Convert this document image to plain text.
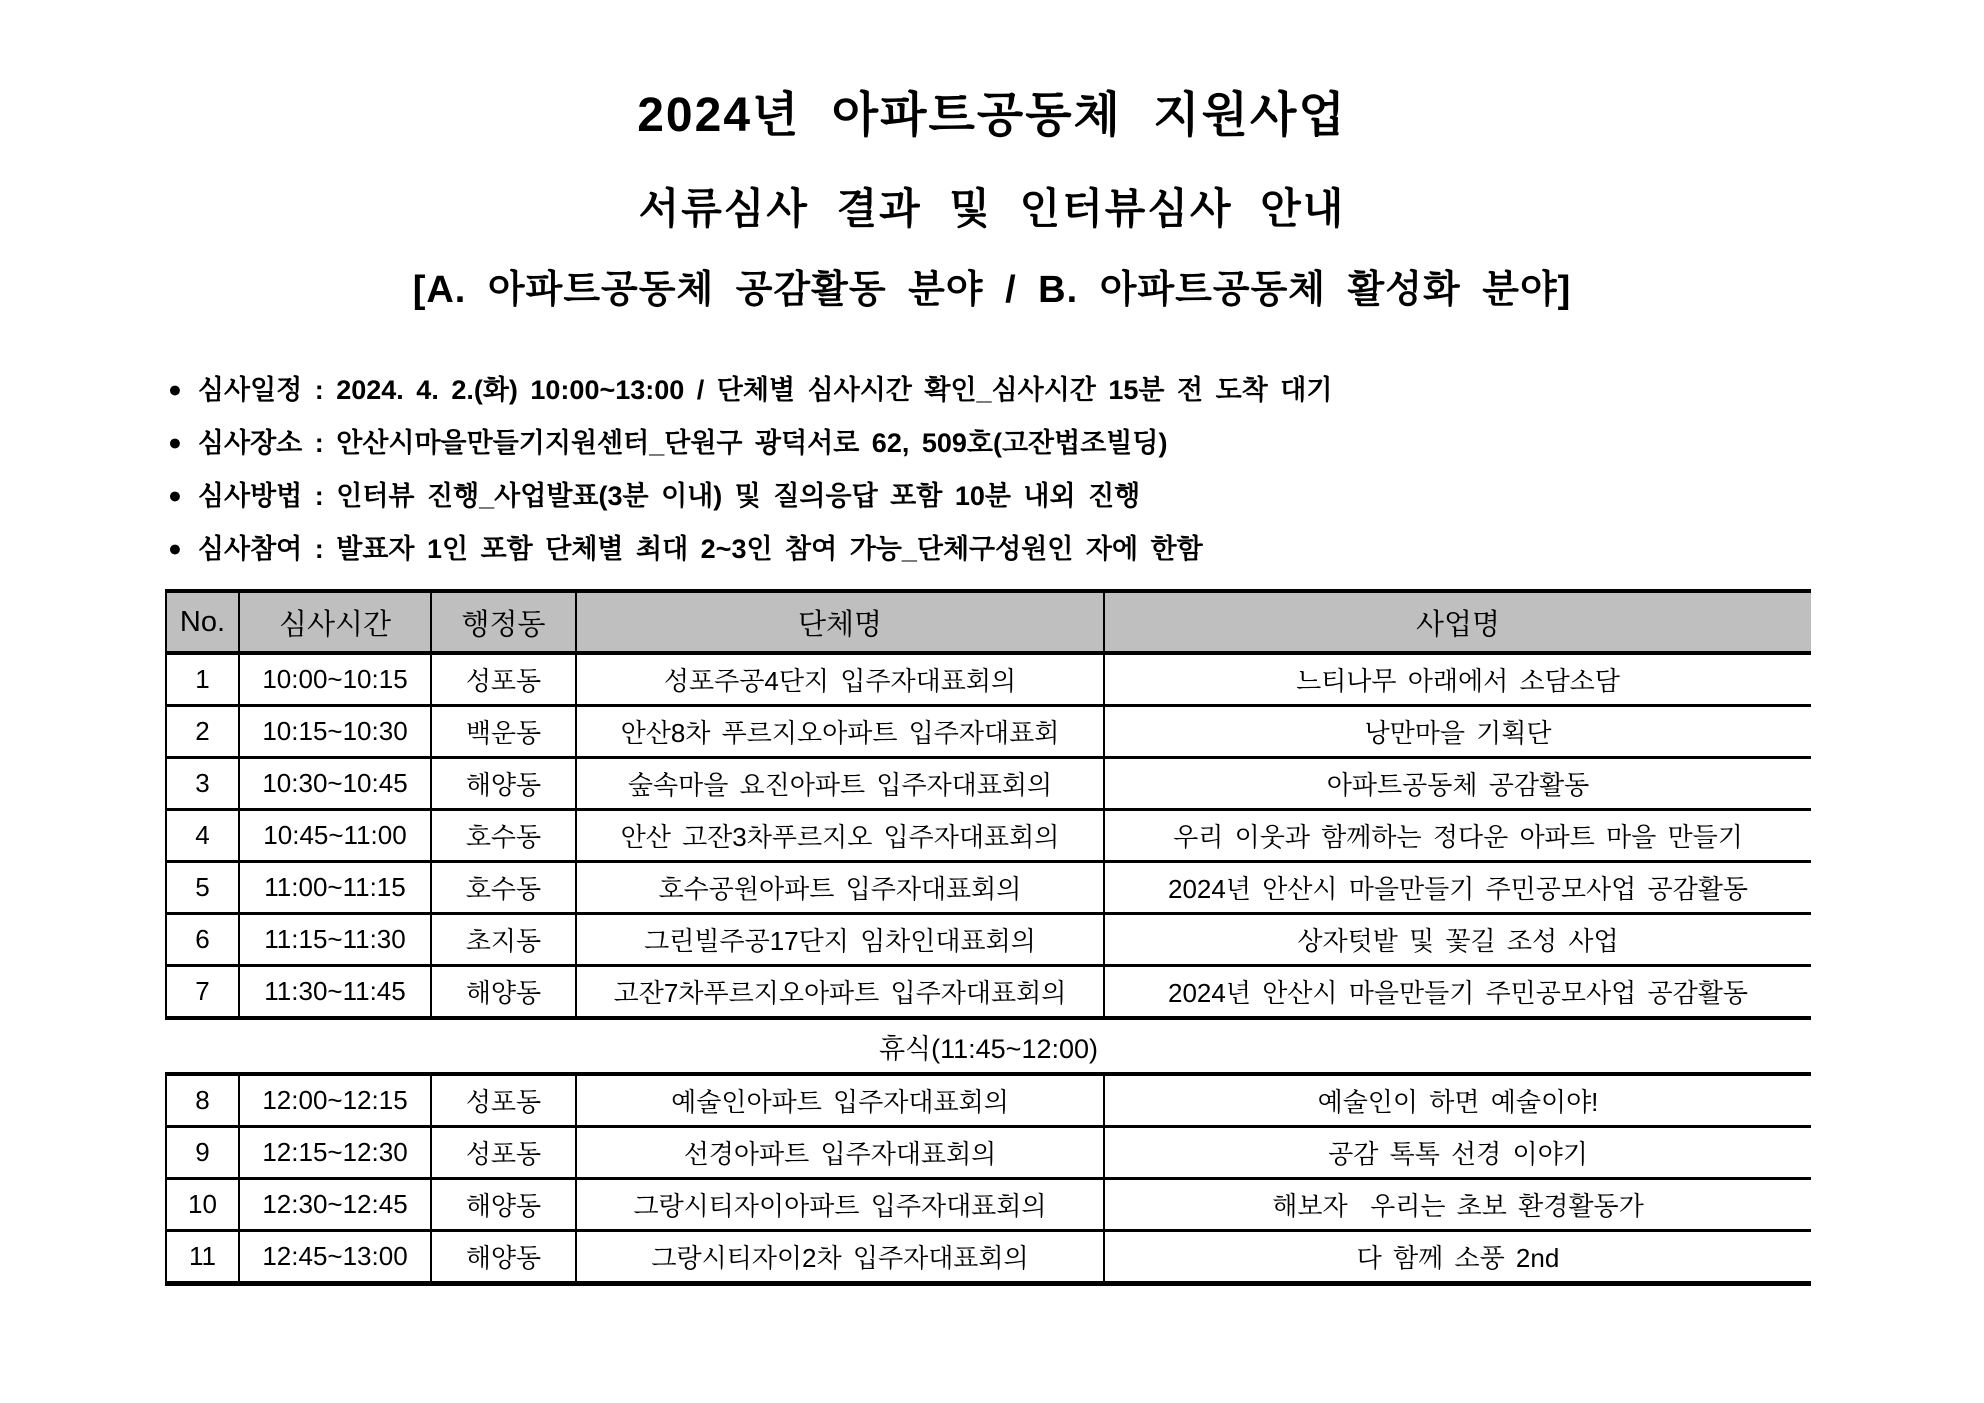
2024년 아파트공동체 지원사업
서류심사 결과 및 인터뷰심사 안내
[A. 아파트공동체 공감활동 분야 / B. 아파트공동체 활성화 분야]
● 심사일정 : 2024. 4. 2.(화) 10:00~13:00 / 단체별 심사시간 확인_심사시간 15분 전 도착 대기
● 심사장소 : 안산시마을만들기지원센터_단원구 광덕서로 62, 509호(고잔법조빌딩)
● 심사방법 : 인터뷰 진행_사업발표(3분 이내) 및 질의응답 포함 10분 내외 진행
● 심사참여 : 발표자 1인 포함 단체별 최대 2~3인 참여 가능_단체구성원인 자에 한함
No.	심사시간	행정동	단체명	사업명
1	10:00~10:15	성포동	성포주공4단지 입주자대표회의	느티나무 아래에서 소담소담
2	10:15~10:30	백운동	안산8차 푸르지오아파트 입주자대표회	낭만마을 기획단
3	10:30~10:45	해양동	숲속마을 요진아파트 입주자대표회의	아파트공동체 공감활동
4	10:45~11:00	호수동	안산 고잔3차푸르지오 입주자대표회의	우리 이웃과 함께하는 정다운 아파트 마을 만들기
5	11:00~11:15	호수동	호수공원아파트 입주자대표회의	2024년 안산시 마을만들기 주민공모사업 공감활동
6	11:15~11:30	초지동	그린빌주공17단지 임차인대표회의	상자텃밭 및 꽃길 조성 사업
7	11:30~11:45	해양동	고잔7차푸르지오아파트 입주자대표회의	2024년 안산시 마을만들기 주민공모사업 공감활동
휴식(11:45~12:00)				
8	12:00~12:15	성포동	예술인아파트 입주자대표회의	예술인이 하면 예술이야!
9	12:15~12:30	성포동	선경아파트 입주자대표회의	공감 톡톡 선경 이야기
10	12:30~12:45	해양동	그랑시티자이아파트 입주자대표회의	해보자  우리는 초보 환경활동가
11	12:45~13:00	해양동	그랑시티자이2차 입주자대표회의	다 함께 소풍 2nd
